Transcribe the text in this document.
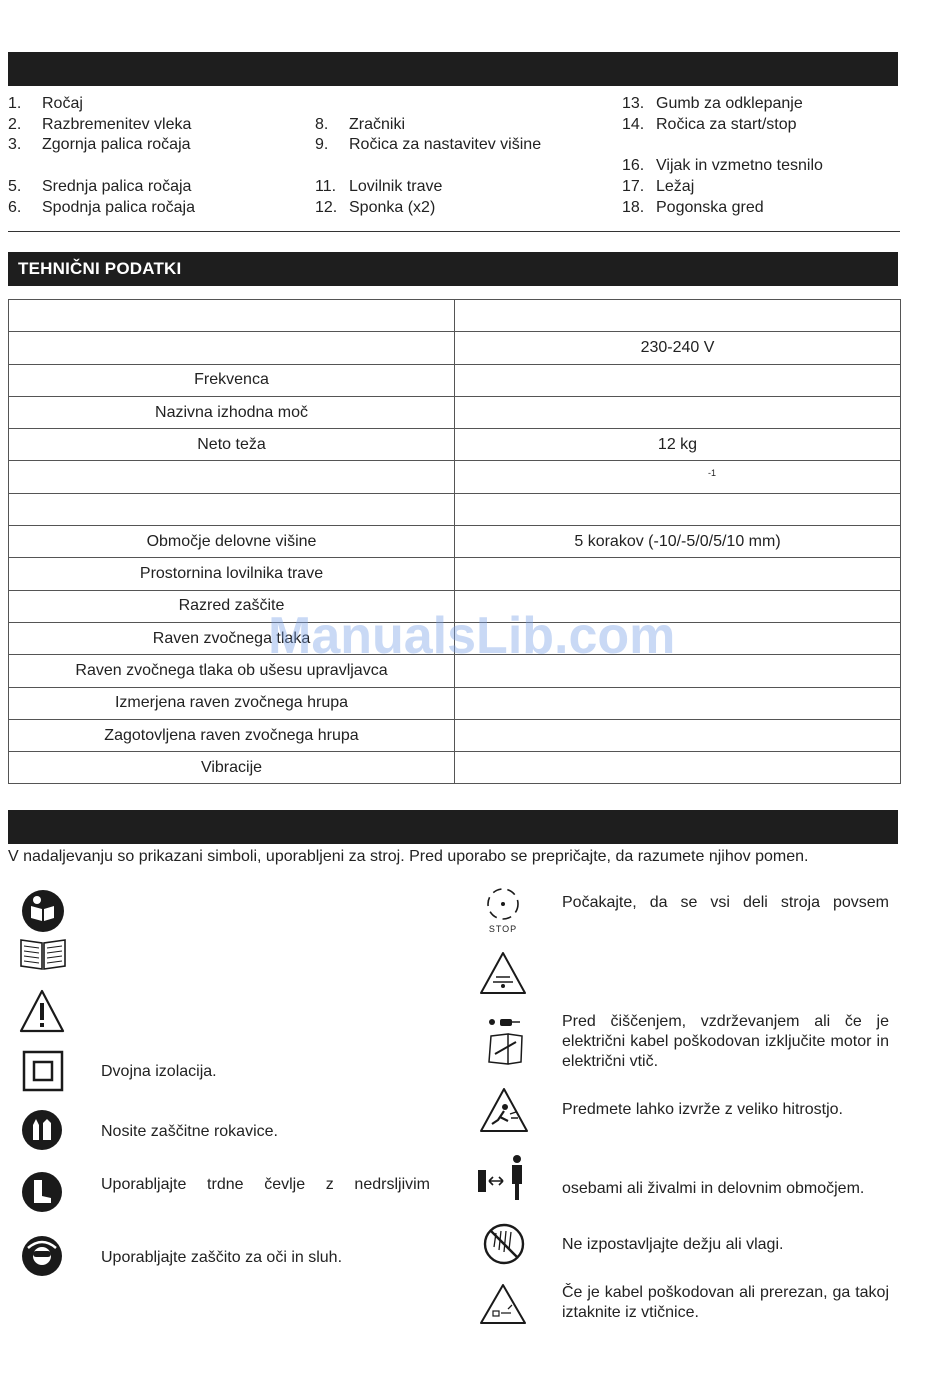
1. Ročaj
2. Razbremenitev vleka
3. Zgornja palica ročaja
5. Srednja palica ročaja
6. Spodnja palica ročaja
8. Zračniki
9. Ročica za nastavitev višine
11. Lovilnik trave
12. Sponka (x2)
13. Gumb za odklepanje
14. Ročica za start/stop
16. Vijak in vzmetno tesnilo
17. Ležaj
18. Pogonska gred
TEHNIČNI PODATKI

	230-240 V
Frekvenca	
Nazivna izhodna moč	
Neto teža	12 kg

	-1

Območje delovne višine	5 korakov (-10/-5/0/5/10 mm)
Prostornina lovilnika trave	
Razred zaščite	
Raven zvočnega tlaka	
Raven zvočnega tlaka ob ušesu upravljavca	
Izmerjena raven zvočnega hrupa	
Zagotovljena raven zvočnega hrupa	
Vibracije	
V nadaljevanju so prikazani simboli, uporabljeni za stroj. Pred uporabo se prepričajte, da razumete njihov pomen.
Dvojna izolacija.
Nosite zaščitne rokavice.
Uporabljajte trdne čevlje z nedrsljivim
Uporabljajte zaščito za oči in sluh.
STOP
Počakajte, da se vsi deli stroja povsem
Pred čiščenjem, vzdrževanjem ali če je električni kabel poškodovan izključite motor in električni vtič.
Predmete lahko izvrže z veliko hitrostjo.
osebami ali živalmi in delovnim območjem.
Ne izpostavljajte dežju ali vlagi.
Če je kabel poškodovan ali prerezan, ga takoj iztaknite iz vtičnice.
ManualsLib.com
